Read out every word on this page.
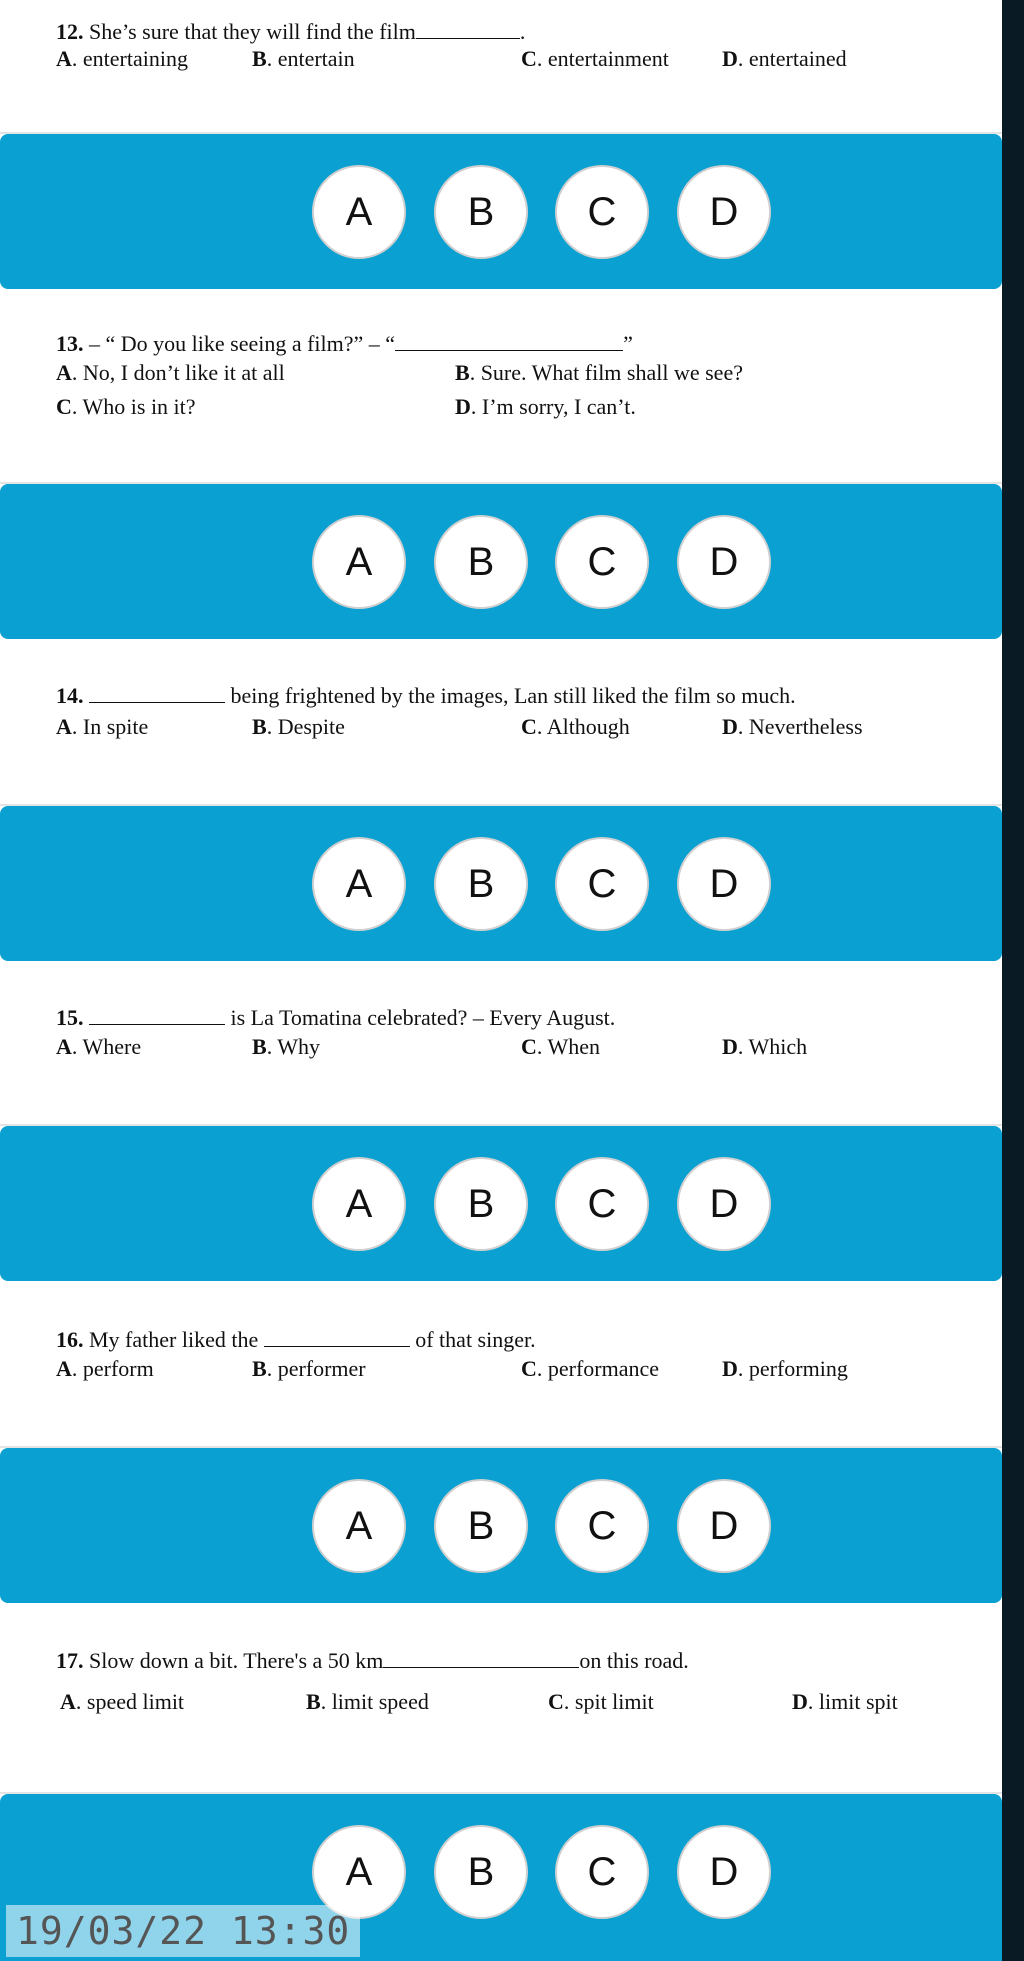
12. She’s sure that they will find the film	.
A. entertaining	B. entertain	C. entertainment D. entertained
A	B	C	D
13. – “ Do you like seeing a film?” – “	”
A. No, I don’t like it at all	B. Sure. What film shall we see?
C. Who is in it?	D. I’m sorry, I can’t.
A	B	C	D
14.	being frightened by the images, Lan still liked the film so much.
A. In spite	B. Despite	C. Although	D. Nevertheless
A	B	C	D
15.	is La Tomatina celebrated? – Every August.
A. Where	B. Why	C. When	D. Which
A	B	C	D
16. My father liked the	of that singer.
A. perform	B. performer	C. performance	D. performing
A	B	C	D
17. Slow down a bit. There's a 50 km	on this road.
A. speed limit	B. limit speed	C. spit limit	D. limit spit
A	B	C	D
19/03/22 13:30
